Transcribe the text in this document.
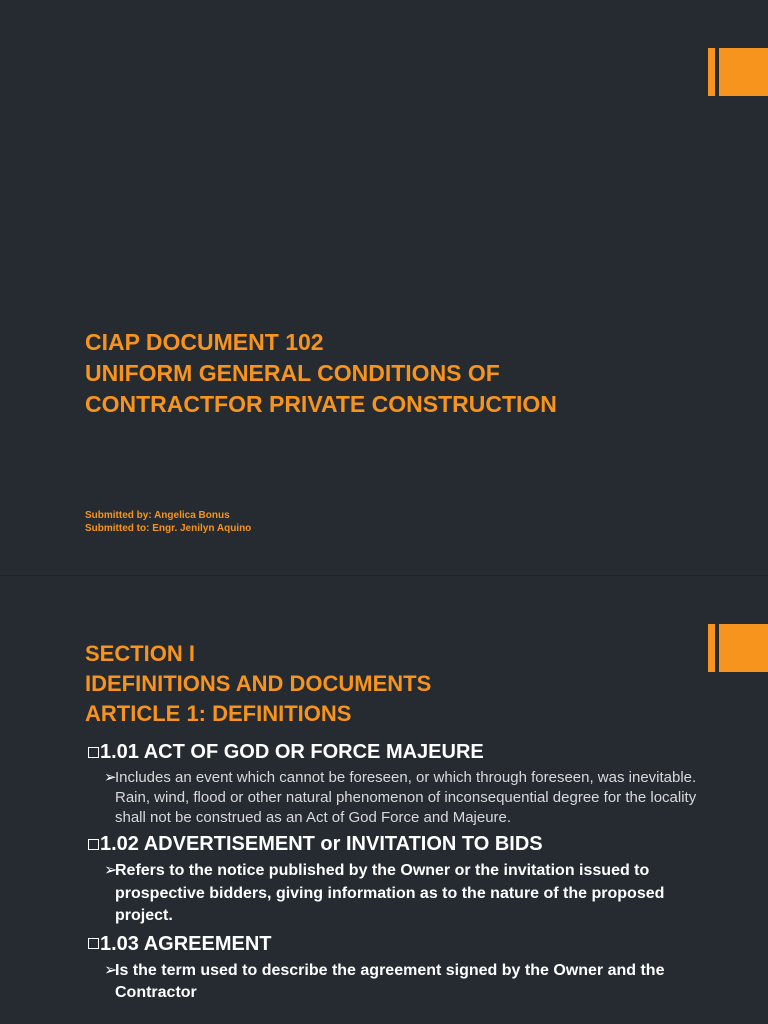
CIAP DOCUMENT 102
UNIFORM GENERAL CONDITIONS OF
CONTRACTFOR PRIVATE CONSTRUCTION
Submitted by: Angelica Bonus
Submitted to: Engr. Jenilyn Aquino
SECTION I
IDEFINITIONS AND DOCUMENTS
ARTICLE 1: DEFINITIONS
1.01 ACT OF GOD OR FORCE MAJEURE
➢
Includes an event which cannot be foreseen, or which through foreseen, was inevitable. Rain, wind, flood or other natural phenomenon of inconsequential degree for the locality shall not be construed as an Act of God Force and Majeure.
1.02 ADVERTISEMENT or INVITATION TO BIDS
➢
Refers to the notice published by the Owner or the invitation issued to prospective bidders, giving information as to the nature of the proposed project.
1.03 AGREEMENT
➢
Is the term used to describe the agreement signed by the Owner and the Contractor
